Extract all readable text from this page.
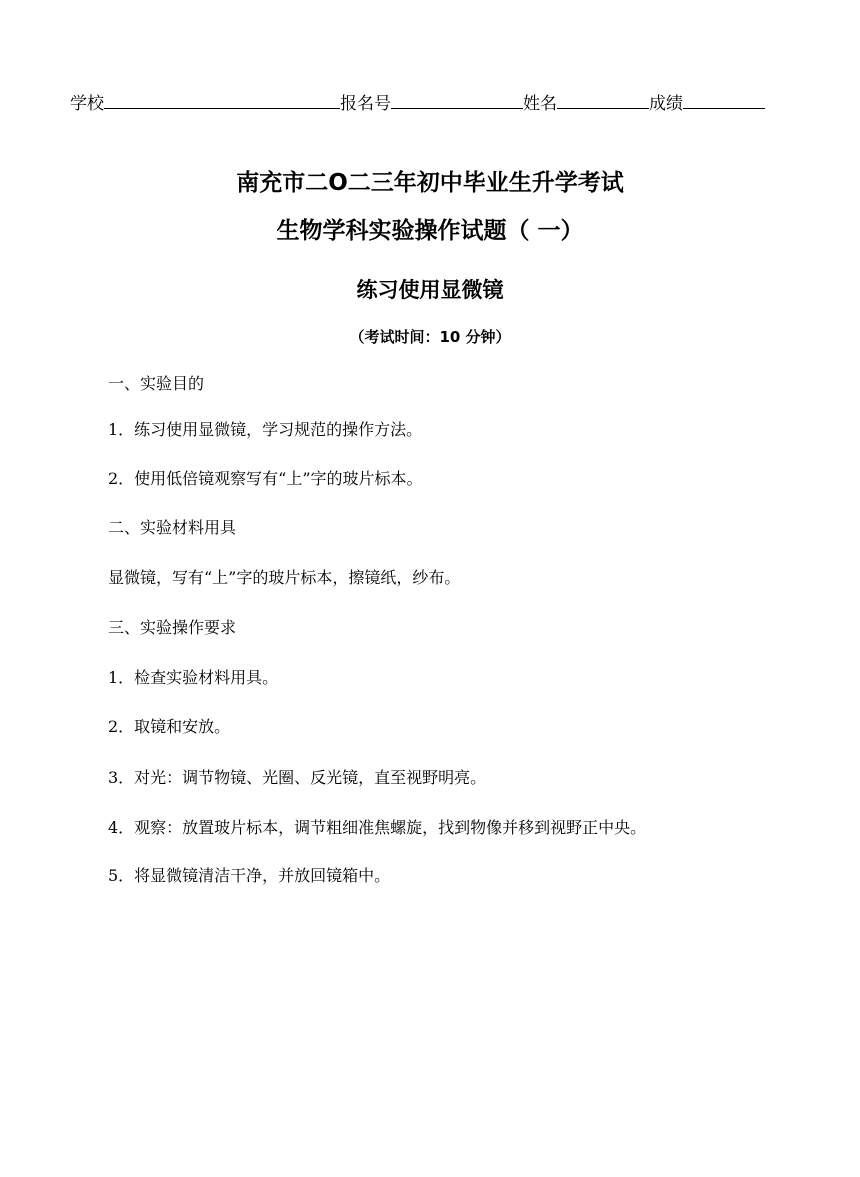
学校	报名号	姓名	成绩
南充市二O二三年初中毕业生升学考试
生物学科实验操作试题（ 一）
练习使用显微镜
（考试时间：10 分钟）
一、实验目的
1．练习使用显微镜，学习规范的操作方法。
2．使用低倍镜观察写有“上”字的玻片标本。
二、实验材料用具
显微镜，写有“上”字的玻片标本，擦镜纸，纱布。
三、实验操作要求
1．检查实验材料用具。
2．取镜和安放。
3．对光：调节物镜、光圈、反光镜，直至视野明亮。
4．观察：放置玻片标本，调节粗细准焦螺旋，找到物像并移到视野正中央。
5．将显微镜清洁干净，并放回镜箱中。
